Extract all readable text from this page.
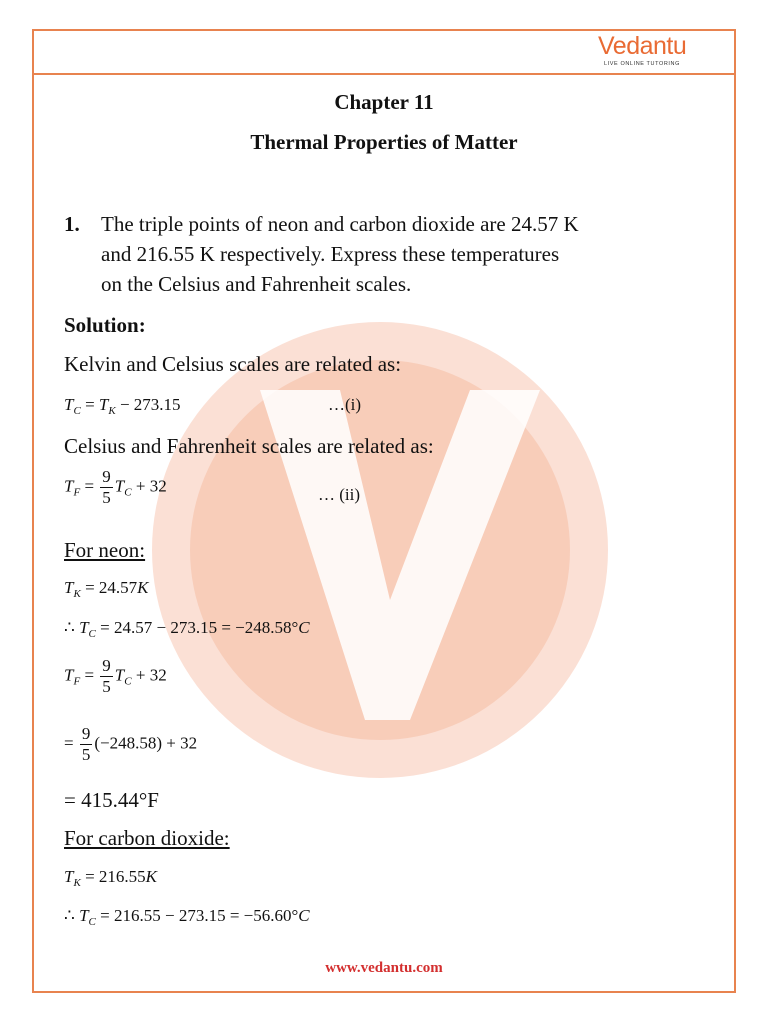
Vedantu
LIVE ONLINE TUTORING
Chapter 11
Thermal Properties of Matter
1. The triple points of neon and carbon dioxide are 24.57 K
and 216.55 K respectively. Express these temperatures
on the Celsius and Fahrenheit scales.
Solution:
Kelvin and Celsius scales are related as:
$T_C = T_K - 273.15$	…(i)
Celsius and Fahrenheit scales are related as:
$T_F = \frac{9}{5} T_C + 32$	… (ii)
For neon:
$T_K = 24.57K$
∴ $T_C = 24.57 - 273.15 = -248.58^\circ C$
$T_F = \frac{9}{5} T_C + 32$
= $\frac{9}{5} (-248.58) + 32$
= 415.44°F
For carbon dioxide:
$T_K = 216.55K$
∴ $T_C = 216.55 - 273.15 = -56.60^\circ C$
www.vedantu.com
